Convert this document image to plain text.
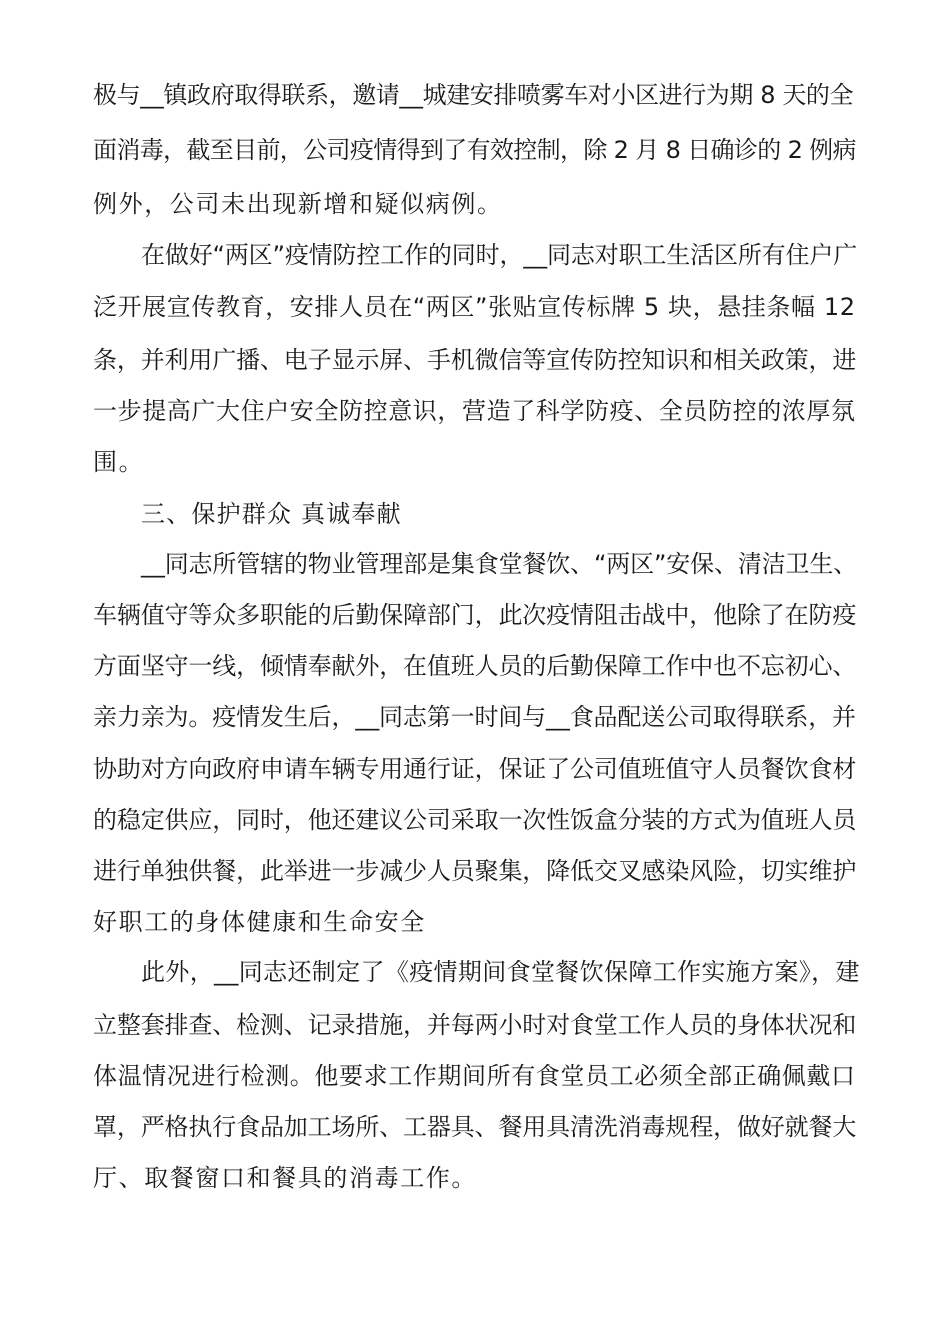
极与__镇政府取得联系，邀请__城建安排喷雾车对小区进行为期 8 天的全
面消毒，截至目前，公司疫情得到了有效控制，除 2 月 8 日确诊的 2 例病
例外，公司未出现新增和疑似病例。
在做好“两区”疫情防控工作的同时，__同志对职工生活区所有住户广
泛开展宣传教育，安排人员在“两区”张贴宣传标牌 5 块，悬挂条幅 12
条，并利用广播、电子显示屏、手机微信等宣传防控知识和相关政策，进
一步提高广大住户安全防控意识，营造了科学防疫、全员防控的浓厚氛
围。
三、保护群众 真诚奉献
__同志所管辖的物业管理部是集食堂餐饮、“两区”安保、清洁卫生、
车辆值守等众多职能的后勤保障部门，此次疫情阻击战中，他除了在防疫
方面坚守一线，倾情奉献外，在值班人员的后勤保障工作中也不忘初心、
亲力亲为。疫情发生后，__同志第一时间与__食品配送公司取得联系，并
协助对方向政府申请车辆专用通行证，保证了公司值班值守人员餐饮食材
的稳定供应，同时，他还建议公司采取一次性饭盒分装的方式为值班人员
进行单独供餐，此举进一步减少人员聚集，降低交叉感染风险，切实维护
好职工的身体健康和生命安全
此外，__同志还制定了《疫情期间食堂餐饮保障工作实施方案》，建
立整套排查、检测、记录措施，并每两小时对食堂工作人员的身体状况和
体温情况进行检测。他要求工作期间所有食堂员工必须全部正确佩戴口
罩，严格执行食品加工场所、工器具、餐用具清洗消毒规程，做好就餐大
厅、取餐窗口和餐具的消毒工作。
